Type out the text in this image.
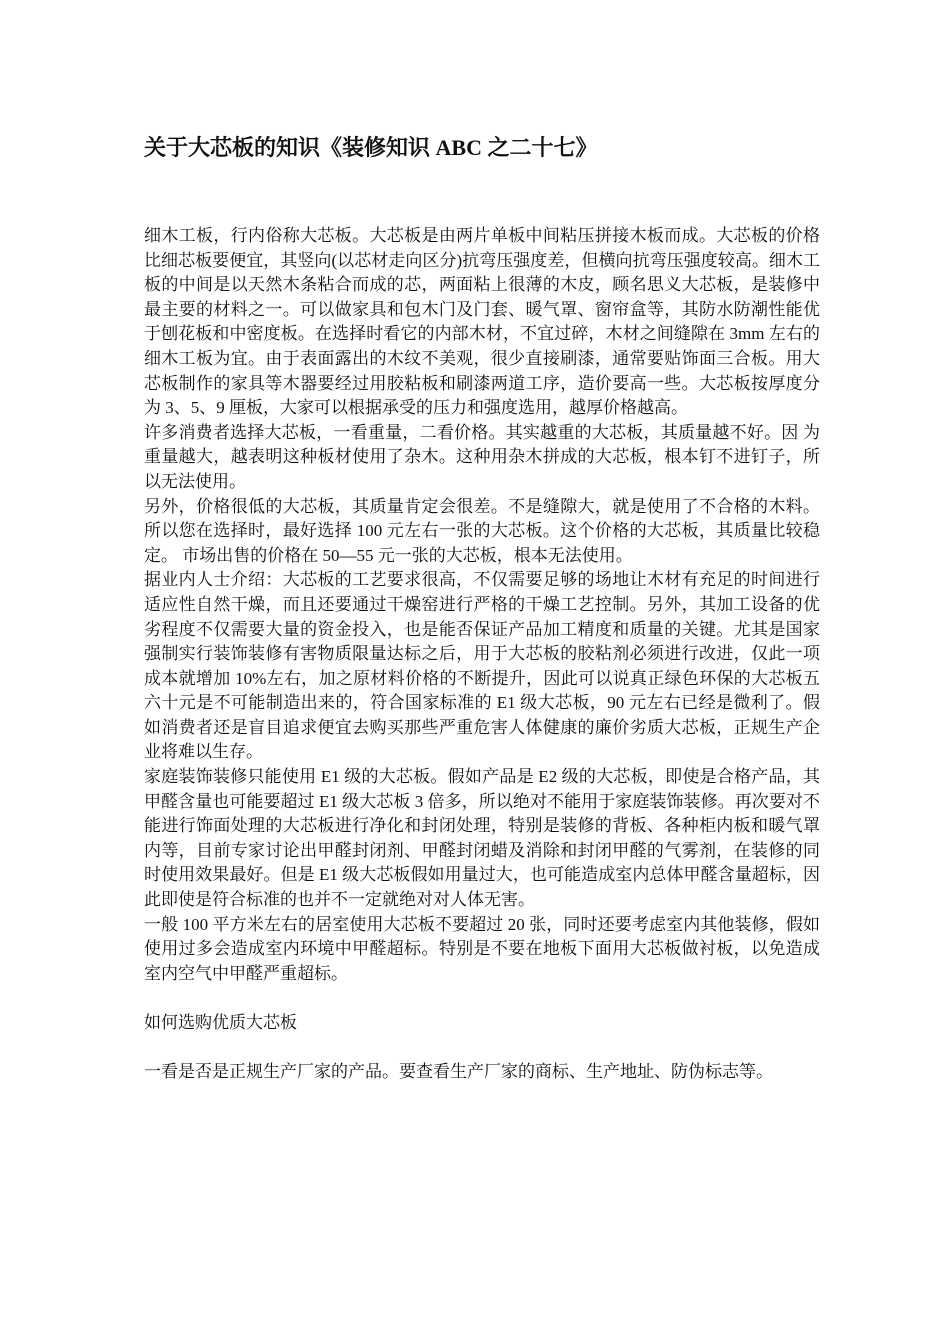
关于大芯板的知识《装修知识 ABC 之二十七》

细木工板，行内俗称大芯板。大芯板是由两片单板中间粘压拼接木板而成。大芯板的价格比细芯板要便宜，其竖向(以芯材走向区分)抗弯压强度差，但横向抗弯压强度较高。细木工板的中间是以天然木条粘合而成的芯，两面粘上很薄的木皮，顾名思义大芯板，是装修中最主要的材料之一。可以做家具和包木门及门套、暖气罩、窗帘盒等，其防水防潮性能优于刨花板和中密度板。在选择时看它的内部木材，不宜过碎，木材之间缝隙在 3mm 左右的细木工板为宜。由于表面露出的木纹不美观，很少直接刷漆，通常要贴饰面三合板。用大芯板制作的家具等木器要经过用胶粘板和刷漆两道工序，造价要高一些。大芯板按厚度分为 3、5、9 厘板，大家可以根据承受的压力和强度选用，越厚价格越高。

许多消费者选择大芯板，一看重量，二看价格。其实越重的大芯板，其质量越不好。因 为重量越大，越表明这种板材使用了杂木。这种用杂木拼成的大芯板，根本钉不进钉子，所 以无法使用。

另外，价格很低的大芯板，其质量肯定会很差。不是缝隙大，就是使用了不合格的木料。 所以您在选择时，最好选择 100 元左右一张的大芯板。这个价格的大芯板，其质量比较稳定。 市场出售的价格在 50—55 元一张的大芯板，根本无法使用。

据业内人士介绍：大芯板的工艺要求很高，不仅需要足够的场地让木材有充足的时间进行适应性自然干燥，而且还要通过干燥窑进行严格的干燥工艺控制。另外，其加工设备的优劣程度不仅需要大量的资金投入，也是能否保证产品加工精度和质量的关键。尤其是国家强制实行装饰装修有害物质限量达标之后，用于大芯板的胶粘剂必须进行改进，仅此一项成本就增加 10%左右，加之原材料价格的不断提升，因此可以说真正绿色环保的大芯板五六十元是不可能制造出来的，符合国家标准的 E1 级大芯板，90 元左右已经是微利了。假如消费者还是盲目追求便宜去购买那些严重危害人体健康的廉价劣质大芯板，正规生产企业将难以生存。

家庭装饰装修只能使用 E1 级的大芯板。假如产品是 E2 级的大芯板，即使是合格产品，其甲醛含量也可能要超过 E1 级大芯板 3 倍多，所以绝对不能用于家庭装饰装修。再次要对不能进行饰面处理的大芯板进行净化和封闭处理，特别是装修的背板、各种柜内板和暖气罩内等，目前专家讨论出甲醛封闭剂、甲醛封闭蜡及消除和封闭甲醛的气雾剂，在装修的同时使用效果最好。但是 E1 级大芯板假如用量过大，也可能造成室内总体甲醛含量超标，因此即使是符合标准的也并不一定就绝对对人体无害。

一般 100 平方米左右的居室使用大芯板不要超过 20 张，同时还要考虑室内其他装修，假如使用过多会造成室内环境中甲醛超标。特别是不要在地板下面用大芯板做衬板，以免造成室内空气中甲醛严重超标。

如何选购优质大芯板

一看是否是正规生产厂家的产品。要查看生产厂家的商标、生产地址、防伪标志等。
